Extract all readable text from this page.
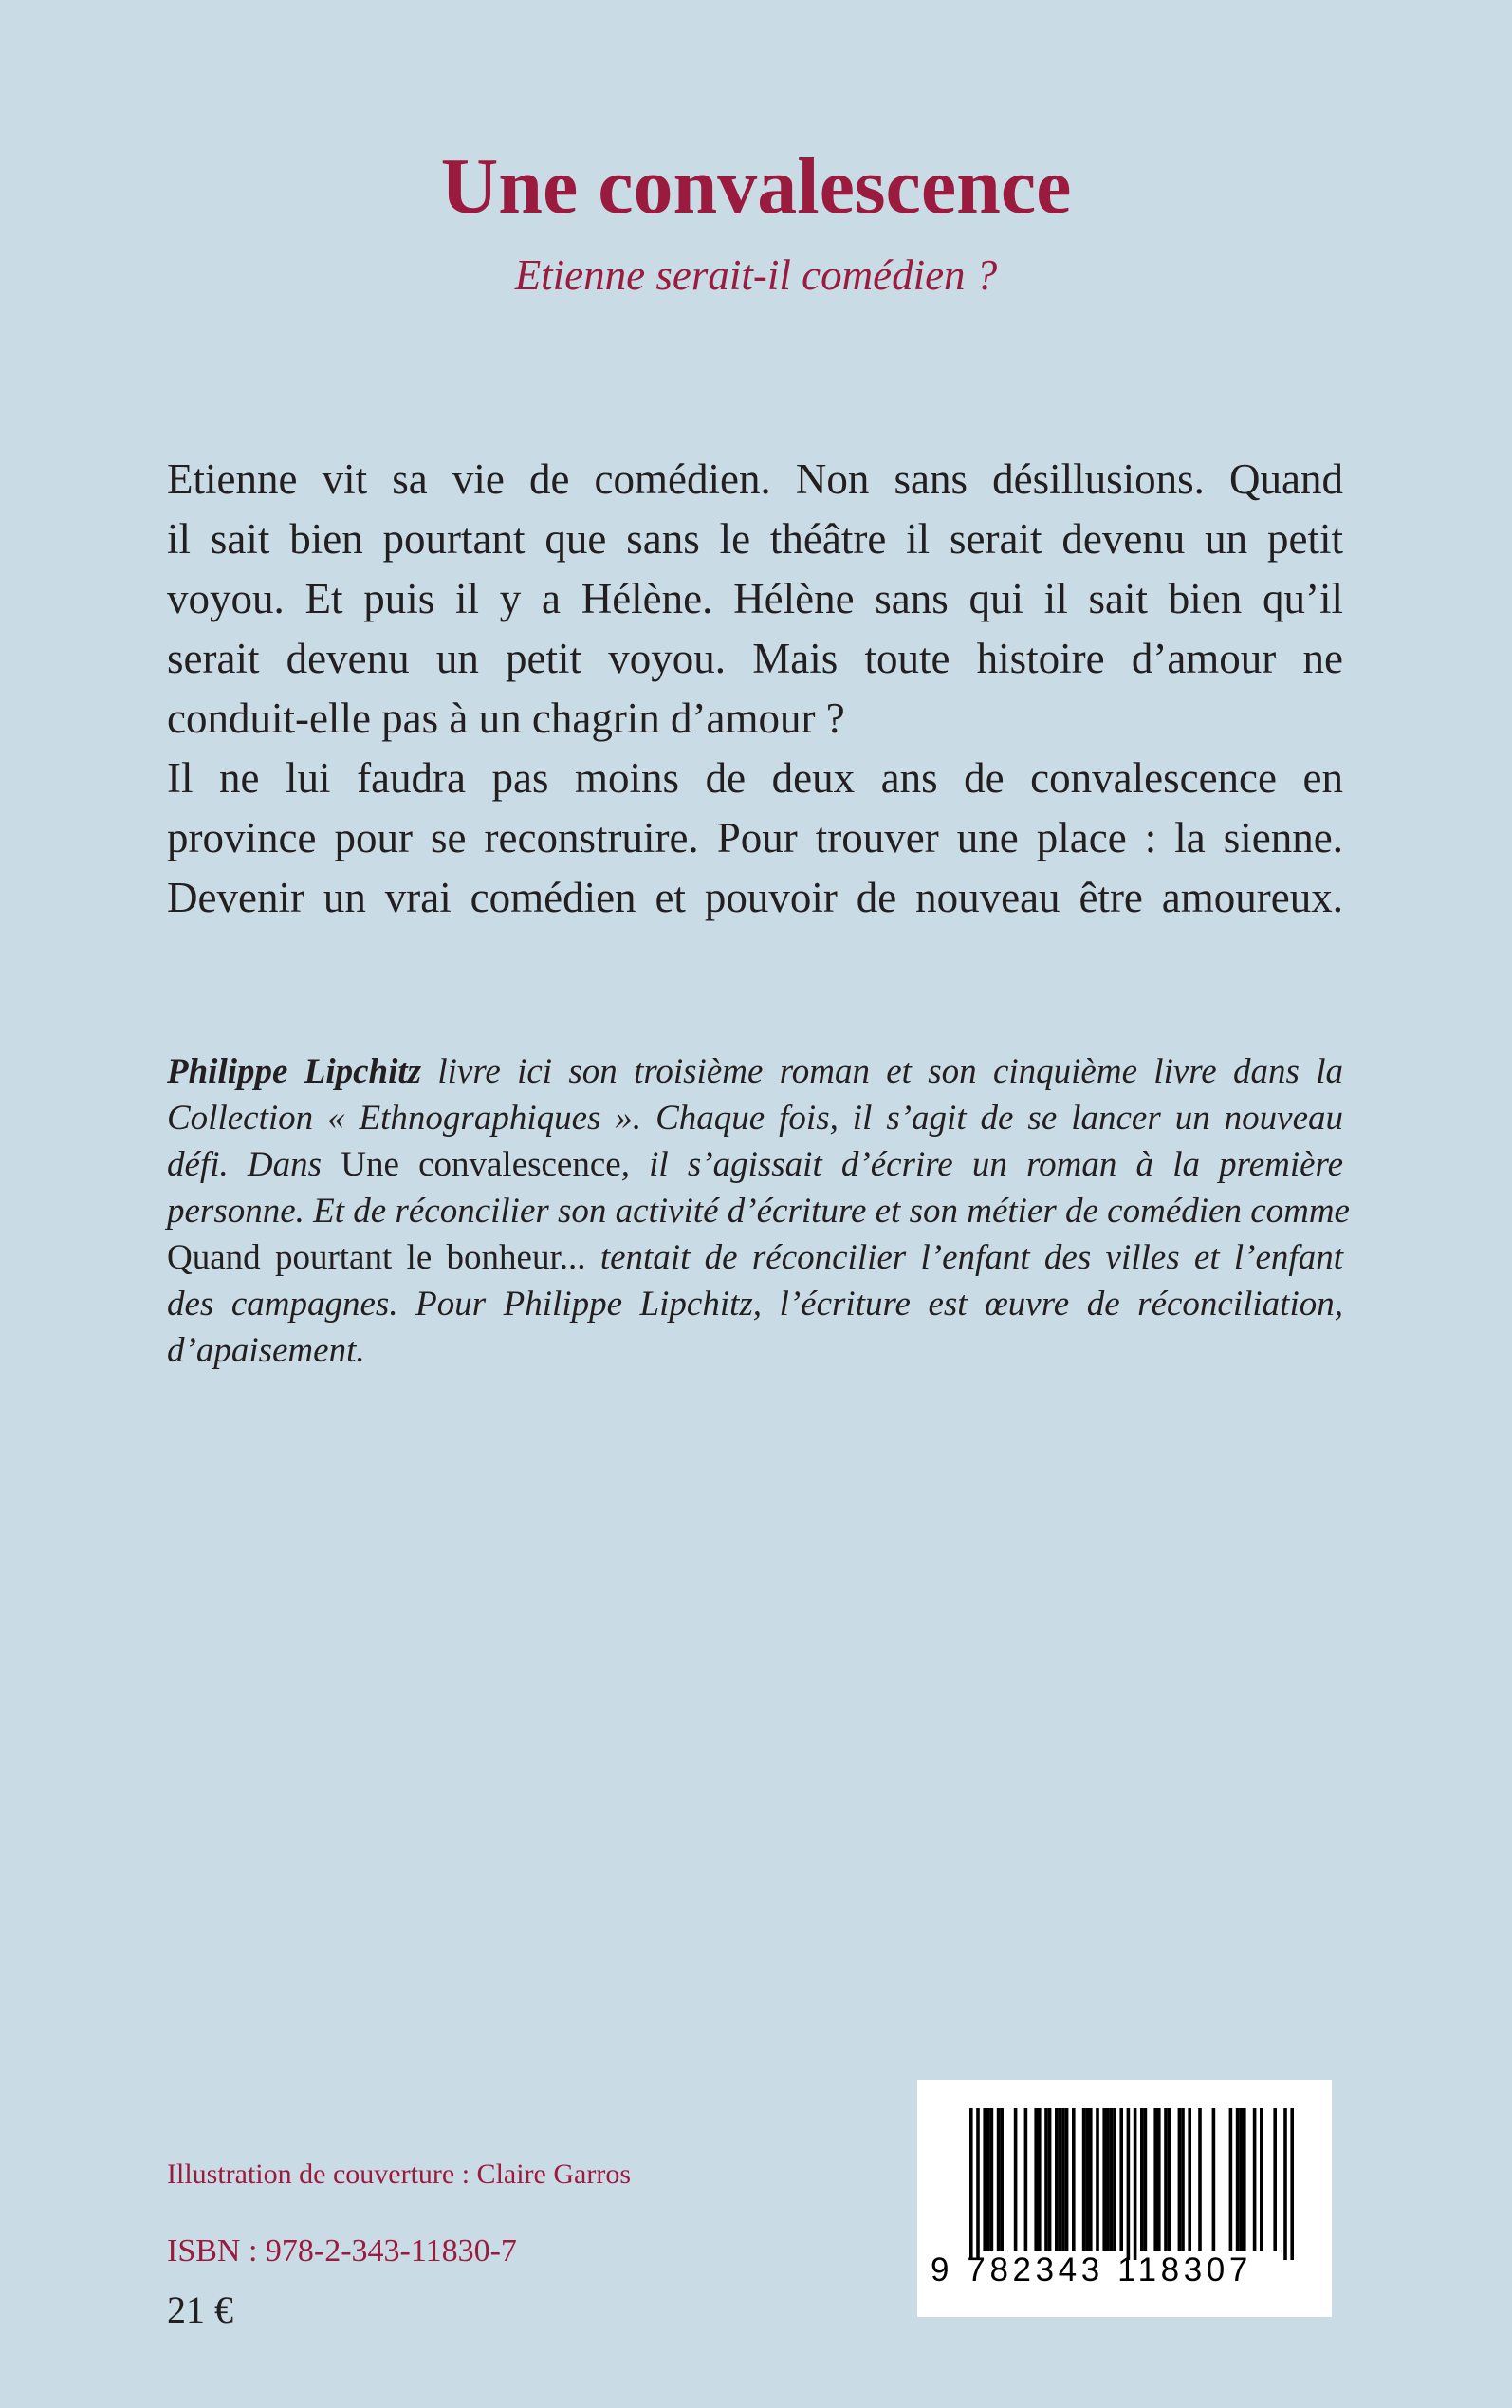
Une convalescence
Etienne serait-il comédien ?
Etienne vit sa vie de comédien. Non sans désillusions. Quand
il sait bien pourtant que sans le théâtre il serait devenu un petit
voyou. Et puis il y a Hélène. Hélène sans qui il sait bien qu’il
serait devenu un petit voyou. Mais toute histoire d’amour ne
conduit-elle pas à un chagrin d’amour ?
Il ne lui faudra pas moins de deux ans de convalescence en
province pour se reconstruire. Pour trouver une place : la sienne.
Devenir un vrai comédien et pouvoir de nouveau être amoureux.
Philippe Lipchitz livre ici son troisième roman et son cinquième livre dans la
Collection « Ethnographiques ». Chaque fois, il s’agit de se lancer un nouveau
défi. Dans Une convalescence, il s’agissait d’écrire un roman à la première
personne. Et de réconcilier son activité d’écriture et son métier de comédien comme
Quand pourtant le bonheur... tentait de réconcilier l’enfant des villes et l’enfant
des campagnes. Pour Philippe Lipchitz, l’écriture est œuvre de réconciliation,
d’apaisement.
Illustration de couverture : Claire Garros
ISBN : 978-2-343-11830-7
21 €
9 782343 118307
